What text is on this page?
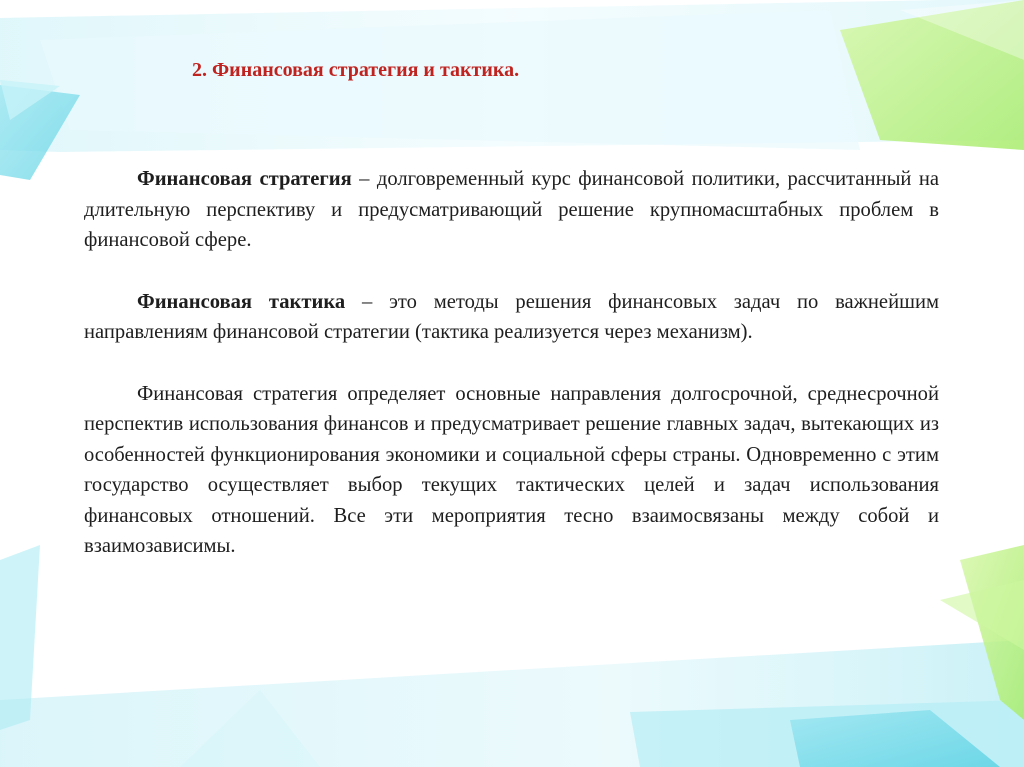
2. Финансовая стратегия и тактика.

Финансовая стратегия – долговременный курс финансовой политики, рассчитанный на длительную перспективу и предусматривающий решение крупномасштабных проблем в финансовой сфере.

Финансовая тактика – это методы решения финансовых задач по важнейшим направлениям финансовой стратегии (тактика реализуется через механизм).

Финансовая стратегия определяет основные направления долгосрочной, среднесрочной перспектив использования финансов и предусматривает решение главных задач, вытекающих из особенностей функционирования экономики и социальной сферы страны. Одновременно с этим государство осуществляет выбор текущих тактических целей и задач использования финансовых отношений. Все эти мероприятия тесно взаимосвязаны между собой и взаимозависимы.
